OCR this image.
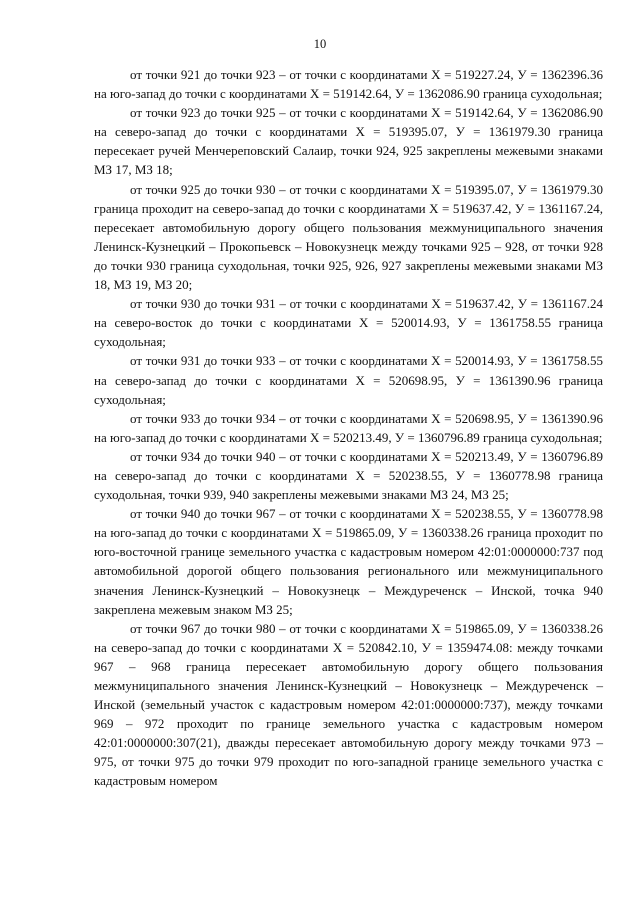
10

от точки 921 до точки 923 – от точки с координатами Х = 519227.24, У = 1362396.36 на юго-запад до точки с координатами Х = 519142.64, У = 1362086.90 граница суходольная;

от точки 923 до точки 925 – от точки с координатами Х = 519142.64, У = 1362086.90 на северо-запад до точки с координатами Х = 519395.07, У = 1361979.30 граница пересекает ручей Менчереповский Салаир, точки 924, 925 закреплены межевыми знаками МЗ 17, МЗ 18;

от точки 925 до точки 930 – от точки с координатами Х = 519395.07, У = 1361979.30 граница проходит на северо-запад до точки с координатами Х = 519637.42, У = 1361167.24, пересекает автомобильную дорогу общего пользования межмуниципального значения Ленинск-Кузнецкий – Прокопьевск – Новокузнецк между точками 925 – 928, от точки 928 до точки 930 граница суходольная, точки 925, 926, 927 закреплены межевыми знаками МЗ 18, МЗ 19, МЗ 20;

от точки 930 до точки 931 – от точки с координатами Х = 519637.42, У = 1361167.24 на северо-восток до точки с координатами Х = 520014.93, У = 1361758.55 граница суходольная;

от точки 931 до точки 933 – от точки с координатами Х = 520014.93, У = 1361758.55 на северо-запад до точки с координатами Х = 520698.95, У = 1361390.96 граница суходольная;

от точки 933 до точки 934 – от точки с координатами Х = 520698.95, У = 1361390.96 на юго-запад до точки с координатами Х = 520213.49, У = 1360796.89 граница суходольная;

от точки 934 до точки 940 – от точки с координатами Х = 520213.49, У = 1360796.89 на северо-запад до точки с координатами Х = 520238.55, У = 1360778.98 граница суходольная, точки 939, 940 закреплены межевыми знаками МЗ 24, МЗ 25;

от точки 940 до точки 967 – от точки с координатами Х = 520238.55, У = 1360778.98 на юго-запад до точки с координатами Х = 519865.09, У = 1360338.26 граница проходит по юго-восточной границе земельного участка с кадастровым номером 42:01:0000000:737 под автомобильной дорогой общего пользования регионального или межмуниципального значения Ленинск-Кузнецкий – Новокузнецк – Междуреченск – Инской, точка 940 закреплена межевым знаком МЗ 25;

от точки 967 до точки 980 – от точки с координатами Х = 519865.09, У = 1360338.26 на северо-запад до точки с координатами Х = 520842.10, У = 1359474.08: между точками 967 – 968 граница пересекает автомобильную дорогу общего пользования межмуниципального значения Ленинск-Кузнецкий – Новокузнецк – Междуреченск – Инской (земельный участок с кадастровым номером 42:01:0000000:737), между точками 969 – 972 проходит по границе земельного участка с кадастровым номером 42:01:0000000:307(21), дважды пересекает автомобильную дорогу между точками 973 – 975, от точки 975 до точки 979 проходит по юго-западной границе земельного участка с кадастровым номером
